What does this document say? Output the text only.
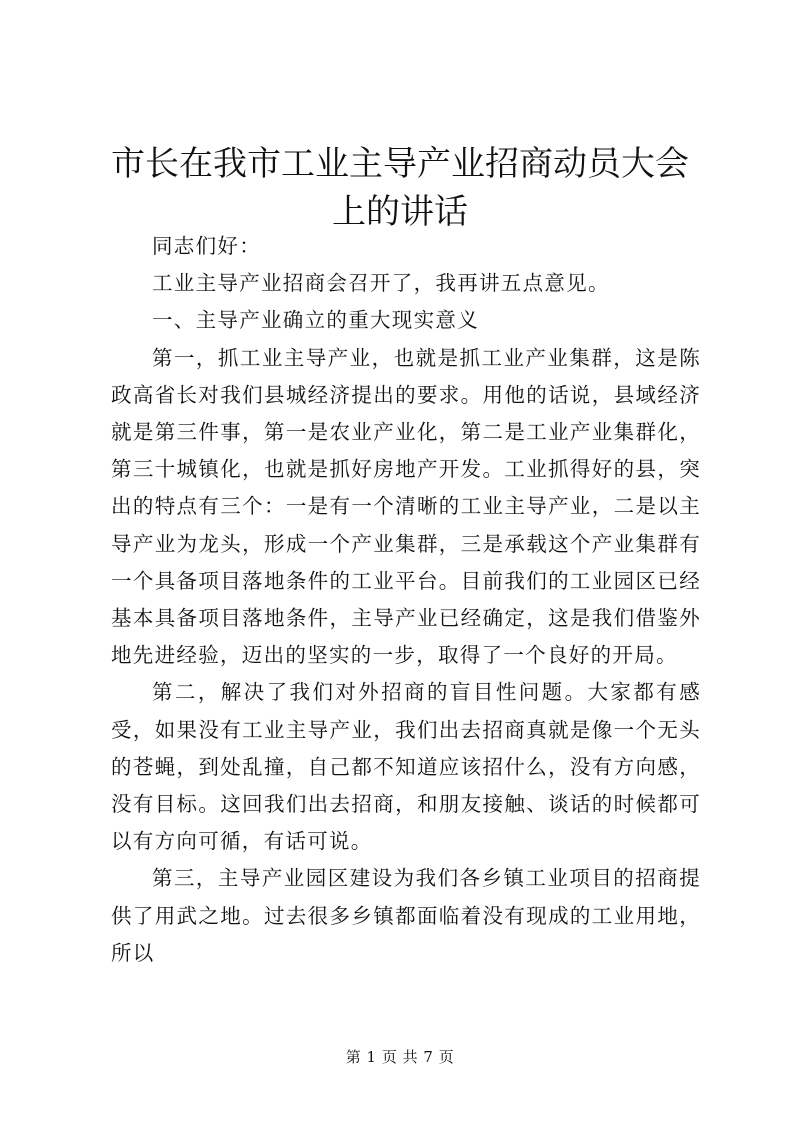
市长在我市工业主导产业招商动员大会上的讲话

同志们好：

工业主导产业招商会召开了，我再讲五点意见。

一、主导产业确立的重大现实意义

第一，抓工业主导产业，也就是抓工业产业集群，这是陈政高省长对我们县城经济提出的要求。用他的话说，县域经济就是第三件事，第一是农业产业化，第二是工业产业集群化，第三十城镇化，也就是抓好房地产开发。工业抓得好的县，突出的特点有三个：一是有一个清晰的工业主导产业，二是以主导产业为龙头，形成一个产业集群，三是承载这个产业集群有一个具备项目落地条件的工业平台。目前我们的工业园区已经基本具备项目落地条件，主导产业已经确定，这是我们借鉴外地先进经验，迈出的坚实的一步，取得了一个良好的开局。

第二，解决了我们对外招商的盲目性问题。大家都有感受，如果没有工业主导产业，我们出去招商真就是像一个无头的苍蝇，到处乱撞，自己都不知道应该招什么，没有方向感，没有目标。这回我们出去招商，和朋友接触、谈话的时候都可以有方向可循，有话可说。

第三，主导产业园区建设为我们各乡镇工业项目的招商提供了用武之地。过去很多乡镇都面临着没有现成的工业用地，所以

第 1 页 共 7 页
